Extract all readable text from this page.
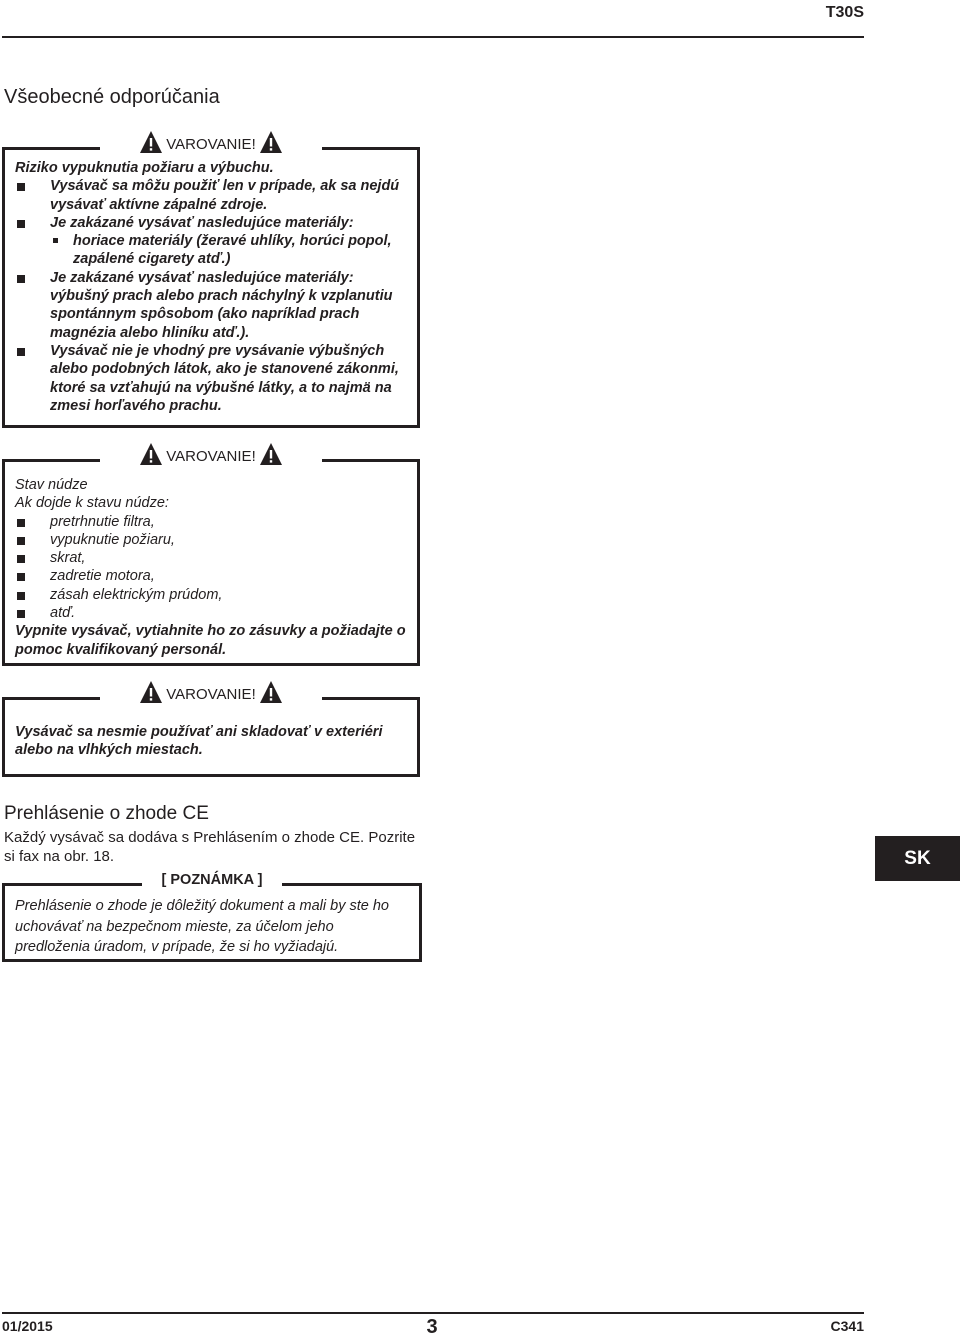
T30S
Všeobecné odporúčania
VAROVANIE!
Riziko vypuknutia požiaru a výbuchu.
Vysávač sa môžu použiť len v prípade, ak sa nejdú vysávať aktívne zápalné zdroje.
Je zakázané vysávať nasledujúce materiály:
horiace materiály (žeravé uhlíky, horúci popol, zapálené cigarety atď.)
Je zakázané vysávať nasledujúce materiály: výbušný prach alebo prach náchylný k vzplanutiu spontánnym spôsobom (ako napríklad prach magnézia alebo hliníku atď.).
Vysávač nie je vhodný pre vysávanie výbušných alebo podobných látok, ako je stanovené zákonmi, ktoré sa vzťahujú na výbušné látky, a to najmä na zmesi horľavého prachu.
VAROVANIE!
Stav núdze
Ak dojde k stavu núdze:
pretrhnutie filtra,
vypuknutie požiaru,
skrat,
zadretie motora,
zásah elektrickým prúdom,
atď.
Vypnite vysávač, vytiahnite ho zo zásuvky a požiadajte o pomoc kvalifikovaný personál.
VAROVANIE!
Vysávač sa nesmie používať ani skladovať v exteriéri alebo na vlhkých miestach.
Prehlásenie o zhode CE
Každý vysávač sa dodáva s Prehlásením o zhode CE. Pozrite si fax na obr. 18.
[ POZNÁMKA ]
Prehlásenie o zhode je dôležitý dokument a mali by ste ho uchovávať na bezpečnom mieste, za účelom jeho predloženia úradom, v prípade, že si ho vyžiadajú.
SK
01/2015	3	C341
